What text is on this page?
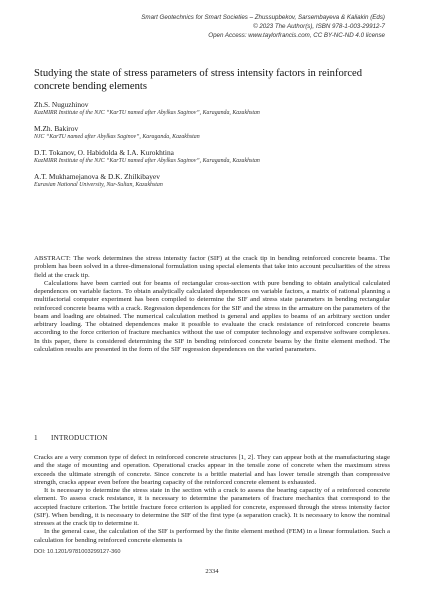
Smart Geotechnics for Smart Societies – Zhussupbekov, Sarsembayeva & Kaliakin (Eds)
© 2023 The Author(s), ISBN 978-1-003-29912-7
Open Access: www.taylorfrancis.com, CC BY-NC-ND 4.0 license
Studying the state of stress parameters of stress intensity factors in reinforced concrete bending elements
Zh.S. Nuguzhinov
KazMIRR Institute of the NJC “KarTU named after Abylkas Saginov”, Karaganda, Kazakhstan
M.Zh. Bakirov
NJC “KarTU named after Abylkas Saginov”, Karaganda, Kazakhstan
D.T. Tokanov, O. Habidolda & I.A. Kurokhtina
KazMIRR Institute of the NJC “KarTU named after Abylkas Saginov”, Karaganda, Kazakhstan
A.T. Mukhamejanova & D.K. Zhilkibayev
Eurasian National University, Nur-Sultan, Kazakhstan

ABSTRACT: The work determines the stress intensity factor (SIF) at the crack tip in bending reinforced concrete beams. The problem has been solved in a three-dimensional formulation using special elements that take into account peculiarities of the stress field at the crack tip.

Calculations have been carried out for beams of rectangular cross-section with pure bending to obtain analytical calculated dependences on variable factors. To obtain analytically calculated dependences on variable factors, a matrix of rational planning a multifactorial computer experiment has been compiled to determine the SIF and stress state parameters in bending rectangular reinforced concrete beams with a crack. Regression dependences for the SIF and the stress in the armature on the parameters of the beam and loading are obtained. The numerical calculation method is general and applies to beams of an arbitrary section under arbitrary loading. The obtained dependences make it possible to evaluate the crack resistance of reinforced concrete beams according to the force criterion of fracture mechanics without the use of computer technology and expensive software complexes. In this paper, there is considered determining the SIF in bending reinforced concrete beams by the finite element method. The calculation results are presented in the form of the SIF regression dependences on the varied parameters.

1 INTRODUCTION

Cracks are a very common type of defect in reinforced concrete structures [1, 2]. They can appear both at the manufacturing stage and the stage of mounting and operation. Operational cracks appear in the tensile zone of concrete when the maximum stress exceeds the ultimate strength of concrete. Since concrete is a brittle material and has lower tensile strength than compressive strength, cracks appear even before the bearing capacity of the reinforced concrete element is exhausted.

It is necessary to determine the stress state in the section with a crack to assess the bearing capacity of a reinforced concrete element. To assess crack resistance, it is necessary to determine the parameters of fracture mechanics that correspond to the accepted fracture criterion. The brittle fracture force criterion is applied for concrete, expressed through the stress intensity factor (SIF). When bending, it is necessary to determine the SIF of the first type (a separation crack). It is necessary to know the nominal stresses at the crack tip to determine it.

In the general case, the calculation of the SIF is performed by the finite element method (FEM) in a linear formulation. Such a calculation for bending reinforced concrete elements is

DOI: 10.1201/9781003299127-360
2334
